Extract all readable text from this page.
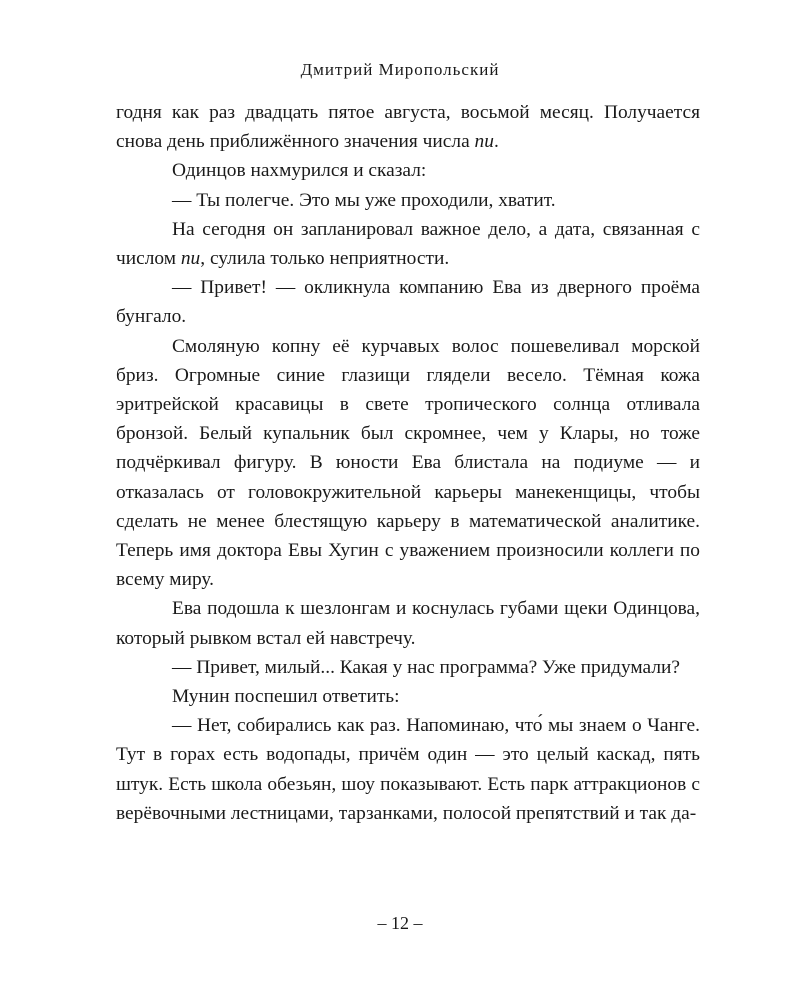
Дмитрий Миропольский

годня как раз двадцать пятое августа, восьмой месяц. Получается снова день приближённого значения числа пи.

Одинцов нахмурился и сказал:

— Ты полегче. Это мы уже проходили, хватит.

На сегодня он запланировал важное дело, а дата, связанная с числом пи, сулила только неприятности.

— Привет! — окликнула компанию Ева из дверного проёма бунгало.

Смоляную копну её курчавых волос пошевеливал морской бриз. Огромные синие глазищи глядели весело. Тёмная кожа эритрейской красавицы в свете тропического солнца отливала бронзой. Белый купальник был скромнее, чем у Клары, но тоже подчёркивал фигуру. В юности Ева блистала на подиуме — и отказалась от головокружительной карьеры манекенщицы, чтобы сделать не менее блестящую карьеру в математической аналитике. Теперь имя доктора Евы Хугин с уважением произносили коллеги по всему миру.

Ева подошла к шезлонгам и коснулась губами щеки Одинцова, который рывком встал ей навстречу.

— Привет, милый... Какая у нас программа? Уже придумали?

Мунин поспешил ответить:

— Нет, собирались как раз. Напоминаю, что́ мы знаем о Чанге. Тут в горах есть водопады, причём один — это целый каскад, пять штук. Есть школа обезьян, шоу показывают. Есть парк аттракционов с верёвочными лестницами, тарзанками, полосой препятствий и так да-

– 12 –
